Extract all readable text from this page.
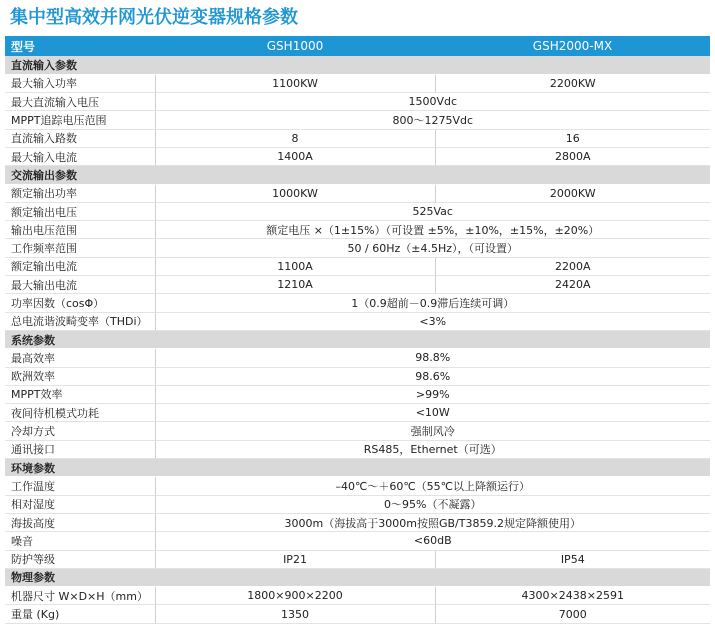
集中型高效并网光伏逆变器规格参数
型号	GSH1000	GSH2000-MX
直流输入参数		
最大输入功率	1100KW	2200KW
最大直流输入电压	1500Vdc	
MPPT追踪电压范围	800～1275Vdc	
直流输入路数	8	16
最大输入电流	1400A	2800A
交流输出参数		
额定输出功率	1000KW	2000KW
额定输出电压	525Vac	
输出电压范围	额定电压 ×（1±15%）（可设置 ±5%，±10%，±15%，±20%）	
工作频率范围	50 / 60Hz（±4.5Hz），（可设置）	
额定输出电流	1100A	2200A
最大输出电流	1210A	2420A
功率因数（cosΦ）	1（0.9超前－0.9滞后连续可调）	
总电流谐波畸变率（THDi）	<3%	
系统参数		
最高效率	98.8%	
欧洲效率	98.6%	
MPPT效率	>99%	
夜间待机模式功耗	<10W	
冷却方式	强制风冷	
通讯接口	RS485，Ethernet（可选）	
环境参数		
工作温度	–40℃～＋60℃（55℃以上降额运行）	
相对湿度	0～95%（不凝露）	
海拔高度	3000m（海拔高于3000m按照GB/T3859.2规定降额使用）	
噪音	<60dB	
防护等级	IP21	IP54
物理参数		
机器尺寸 W×D×H（mm）	1800×900×2200	4300×2438×2591
重量 (Kg)	1350	7000
